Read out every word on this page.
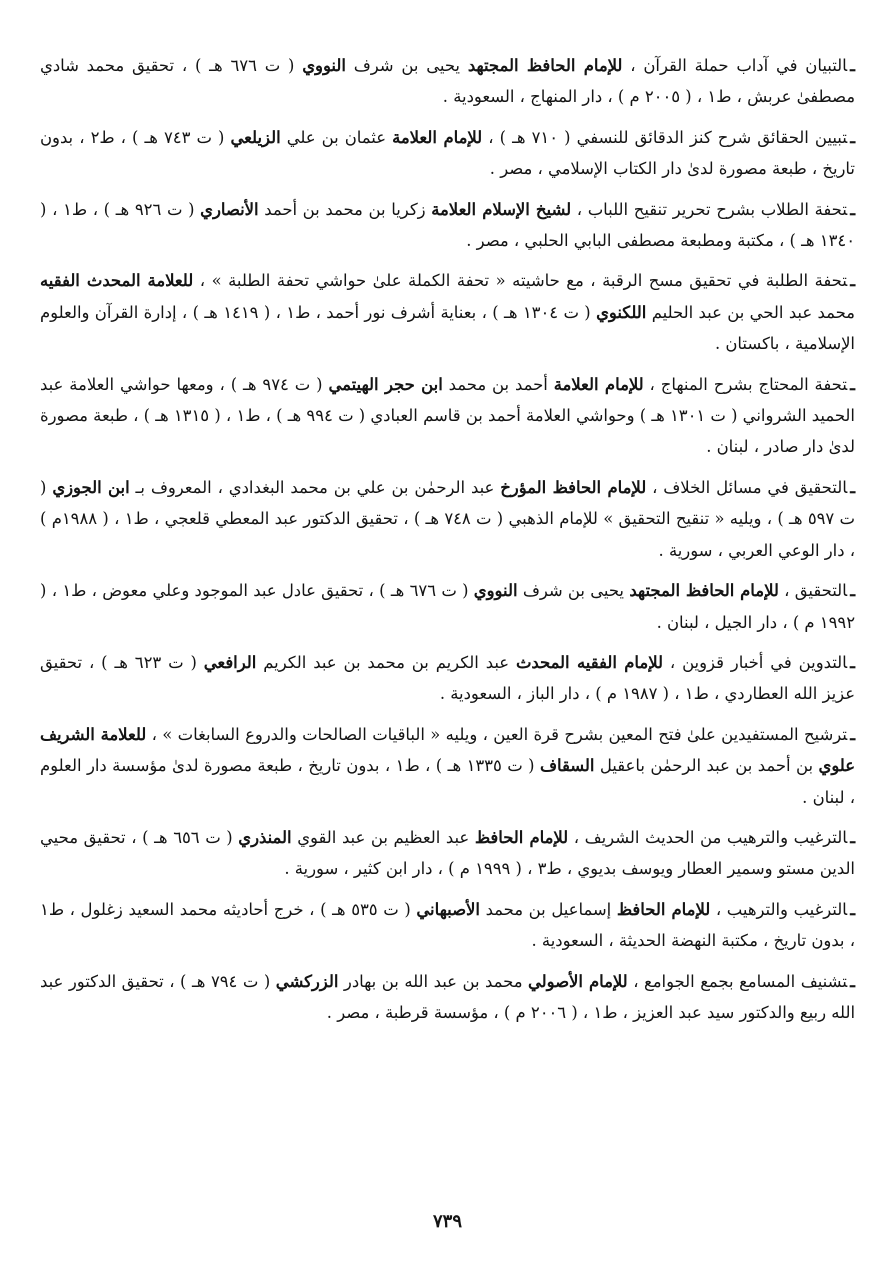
ـالتبيان في آداب حملة القرآن ، للإمام الحافظ المجتهد يحيى بن شرف النووي ( ت ٦٧٦ هـ ) ، تحقيق محمد شادي مصطفىٰ عربش ، ط١ ، ( ٢٠٠٥ م ) ، دار المنهاج ، السعودية .

ـتبيين الحقائق شرح كنز الدقائق للنسفي ( ٧١٠ هـ ) ، للإمام العلامة عثمان بن علي الزيلعي ( ت ٧٤٣ هـ ) ، ط٢ ، بدون تاريخ ، طبعة مصورة لدىٰ دار الكتاب الإسلامي ، مصر .

ـتحفة الطلاب بشرح تحرير تنقيح اللباب ، لشيخ الإسلام العلامة زكريا بن محمد بن أحمد الأنصاري ( ت ٩٢٦ هـ ) ، ط١ ، ( ١٣٤٠ هـ ) ، مكتبة ومطبعة مصطفى البابي الحلبي ، مصر .

ـتحفة الطلبة في تحقيق مسح الرقبة ، مع حاشيته « تحفة الكملة علىٰ حواشي تحفة الطلبة » ، للعلامة المحدث الفقيه محمد عبد الحي بن عبد الحليم اللكنوي ( ت ١٣٠٤ هـ ) ، بعناية أشرف نور أحمد ، ط١ ، ( ١٤١٩ هـ ) ، إدارة القرآن والعلوم الإسلامية ، باكستان .

ـتحفة المحتاج بشرح المنهاج ، للإمام العلامة أحمد بن محمد ابن حجر الهيتمي ( ت ٩٧٤ هـ ) ، ومعها حواشي العلامة عبد الحميد الشرواني ( ت ١٣٠١ هـ ) وحواشي العلامة أحمد بن قاسم العبادي ( ت ٩٩٤ هـ ) ، ط١ ، ( ١٣١٥ هـ ) ، طبعة مصورة لدىٰ دار صادر ، لبنان .

ـالتحقيق في مسائل الخلاف ، للإمام الحافظ المؤرخ عبد الرحمٰن بن علي بن محمد البغدادي ، المعروف بـ ابن الجوزي ( ت ٥٩٧ هـ ) ، ويليه « تنقيح التحقيق » للإمام الذهبي ( ت ٧٤٨ هـ ) ، تحقيق الدكتور عبد المعطي قلعجي ، ط١ ، ( ١٩٨٨م ) ، دار الوعي العربي ، سورية .

ـالتحقيق ، للإمام الحافظ المجتهد يحيى بن شرف النووي ( ت ٦٧٦ هـ ) ، تحقيق عادل عبد الموجود وعلي معوض ، ط١ ، ( ١٩٩٢ م ) ، دار الجيل ، لبنان .

ـالتدوين في أخبار قزوين ، للإمام الفقيه المحدث عبد الكريم بن محمد بن عبد الكريم الرافعي ( ت ٦٢٣ هـ ) ، تحقيق عزيز الله العطاردي ، ط١ ، ( ١٩٨٧ م ) ، دار الباز ، السعودية .

ـترشيح المستفيدين علىٰ فتح المعين بشرح قرة العين ، ويليه « الباقيات الصالحات والدروع السابغات » ، للعلامة الشريف علوي بن أحمد بن عبد الرحمٰن باعقيل السقاف ( ت ١٣٣٥ هـ ) ، ط١ ، بدون تاريخ ، طبعة مصورة لدىٰ مؤسسة دار العلوم ، لبنان .

ـالترغيب والترهيب من الحديث الشريف ، للإمام الحافظ عبد العظيم بن عبد القوي المنذري ( ت ٦٥٦ هـ ) ، تحقيق محيي الدين مستو وسمير العطار ويوسف بديوي ، ط٣ ، ( ١٩٩٩ م ) ، دار ابن كثير ، سورية .

ـالترغيب والترهيب ، للإمام الحافظ إسماعيل بن محمد الأصبهاني ( ت ٥٣٥ هـ ) ، خرج أحاديثه محمد السعيد زغلول ، ط١ ، بدون تاريخ ، مكتبة النهضة الحديثة ، السعودية .

ـتشنيف المسامع بجمع الجوامع ، للإمام الأصولي محمد بن عبد الله بن بهادر الزركشي ( ت ٧٩٤ هـ ) ، تحقيق الدكتور عبد الله ربيع والدكتور سيد عبد العزيز ، ط١ ، ( ٢٠٠٦ م ) ، مؤسسة قرطبة ، مصر .

٧٣٩
